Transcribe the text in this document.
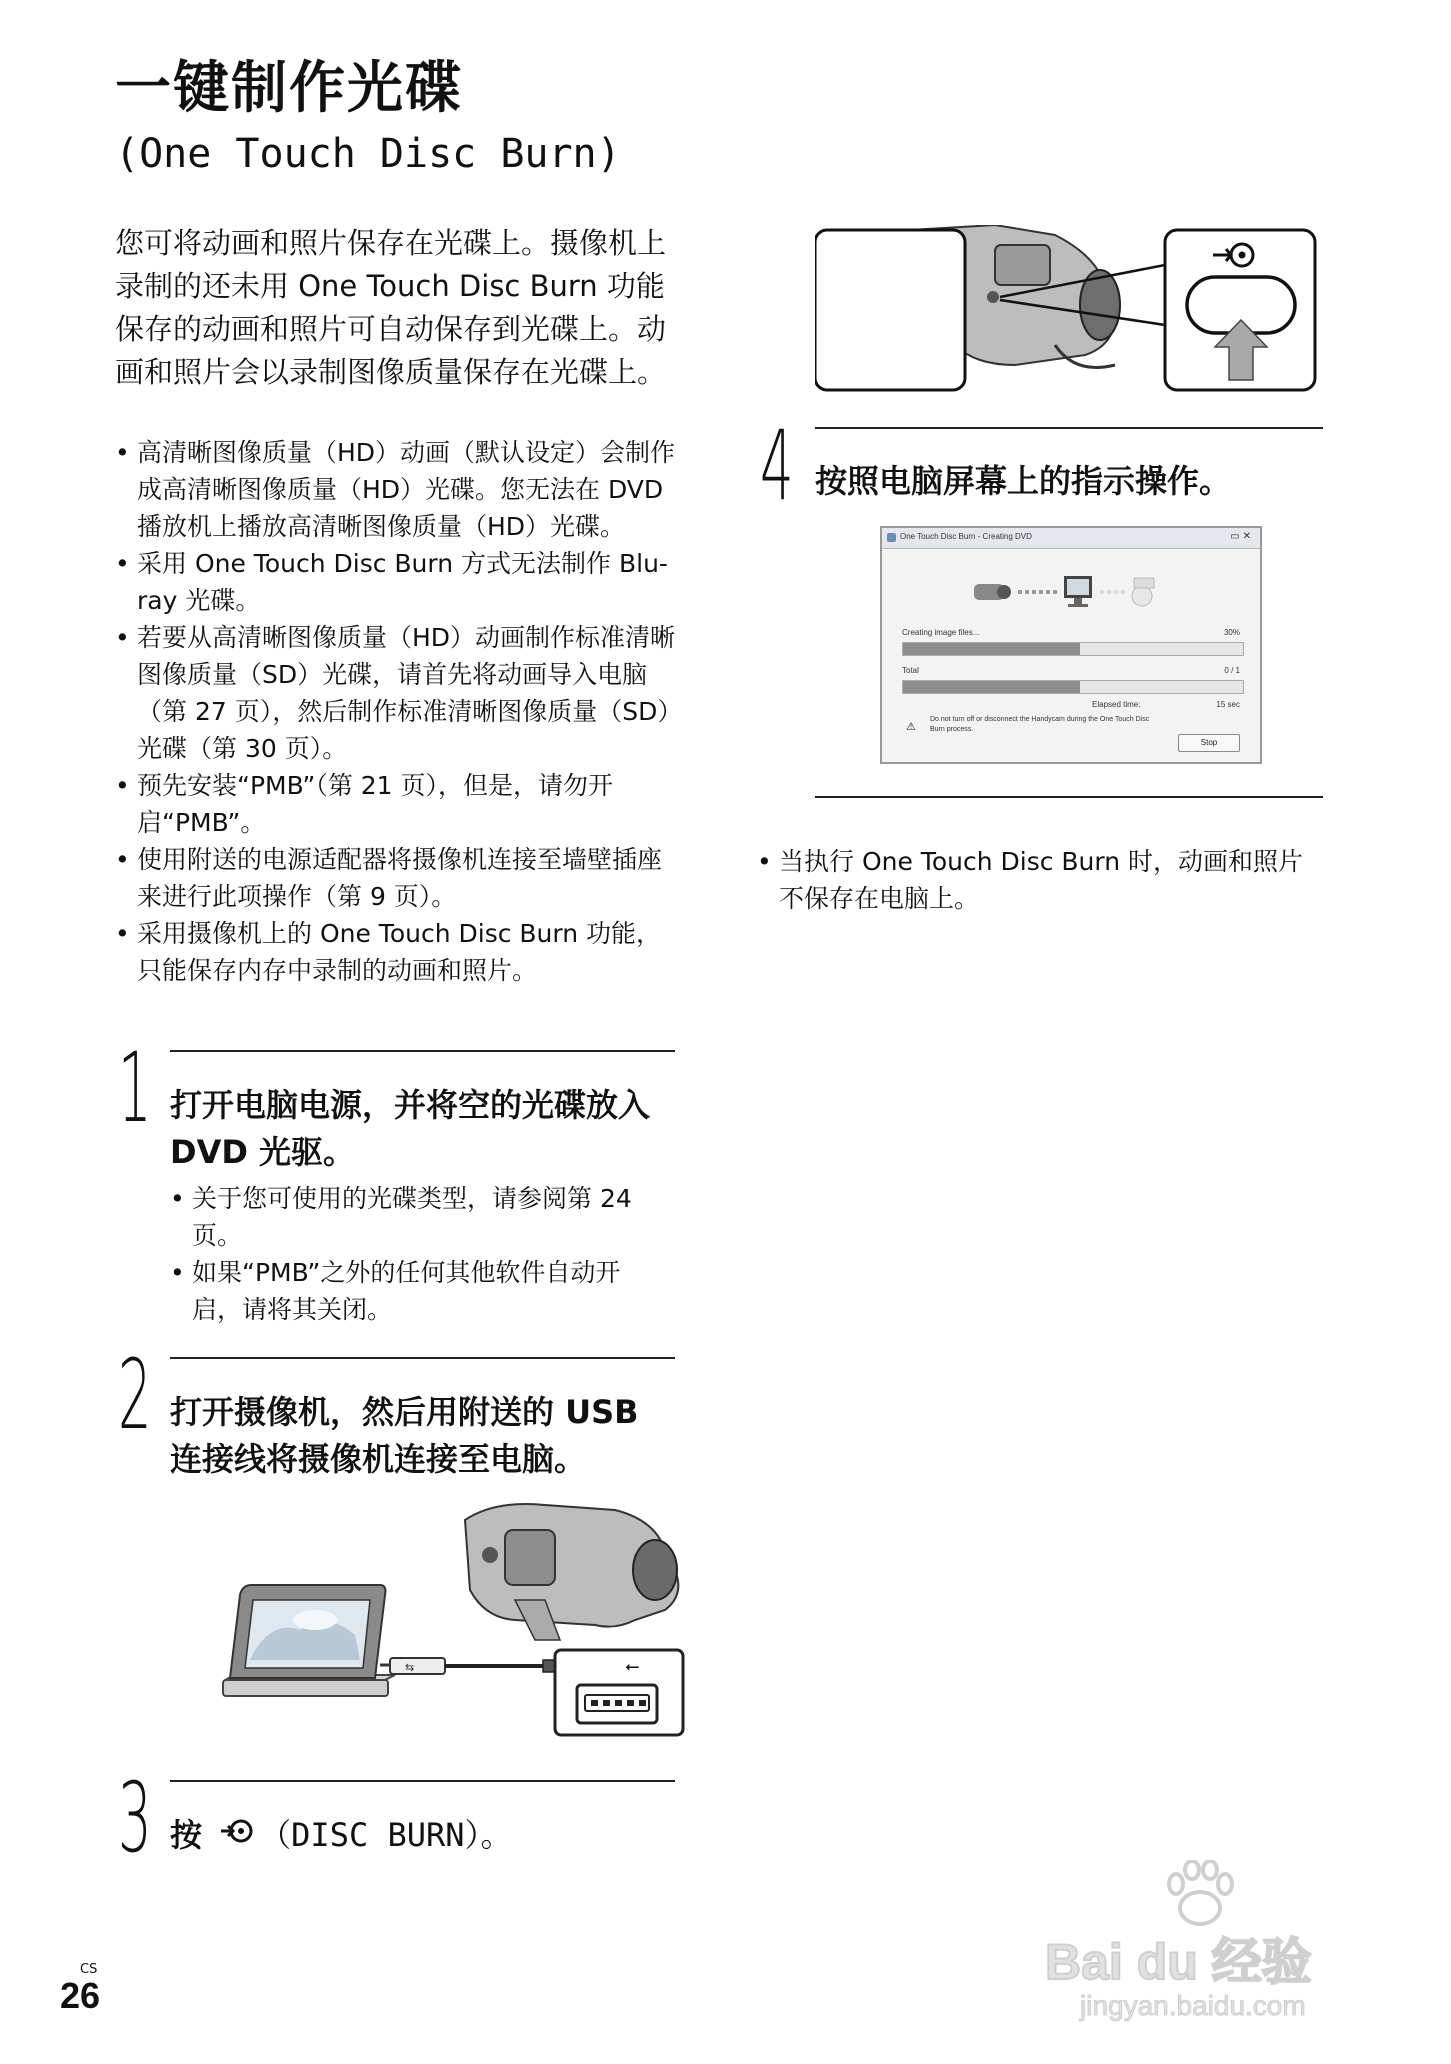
一键制作光碟
(One Touch Disc Burn)
您可将动画和照片保存在光碟上。摄像机上录制的还未用 One Touch Disc Burn 功能保存的动画和照片可自动保存到光碟上。动画和照片会以录制图像质量保存在光碟上。
• 高清晰图像质量（HD）动画（默认设定）会制作成高清晰图像质量（HD）光碟。您无法在 DVD 播放机上播放高清晰图像质量（HD）光碟。
• 采用 One Touch Disc Burn 方式无法制作 Blu-ray 光碟。
• 若要从高清晰图像质量（HD）动画制作标准清晰图像质量（SD）光碟，请首先将动画导入电脑（第 27 页），然后制作标准清晰图像质量（SD）光碟（第 30 页）。
• 预先安装“PMB”（第 21 页），但是，请勿开启“PMB”。
• 使用附送的电源适配器将摄像机连接至墙壁插座来进行此项操作（第 9 页）。
• 采用摄像机上的 One Touch Disc Burn 功能，只能保存内存中录制的动画和照片。
1 打开电脑电源，并将空的光碟放入 DVD 光驱。
• 关于您可使用的光碟类型，请参阅第 24 页。
• 如果“PMB”之外的任何其他软件自动开启，请将其关闭。
2 打开摄像机，然后用附送的 USB 连接线将摄像机连接至电脑。
⇆	⭠
3 按 （DISC BURN）。
4 按照电脑屏幕上的指示操作。
One Touch Disc Burn - Creating DVD	▭✕
Creating image files...	30%
Total	0 / 1
Elapsed time:	15 sec
⚠
Do not turn off or disconnect the Handycam during the One Touch Disc Burn process.
Stop
• 当执行 One Touch Disc Burn 时，动画和照片不保存在电脑上。
CS
26
Bai du 经验
jingyan.baidu.com
